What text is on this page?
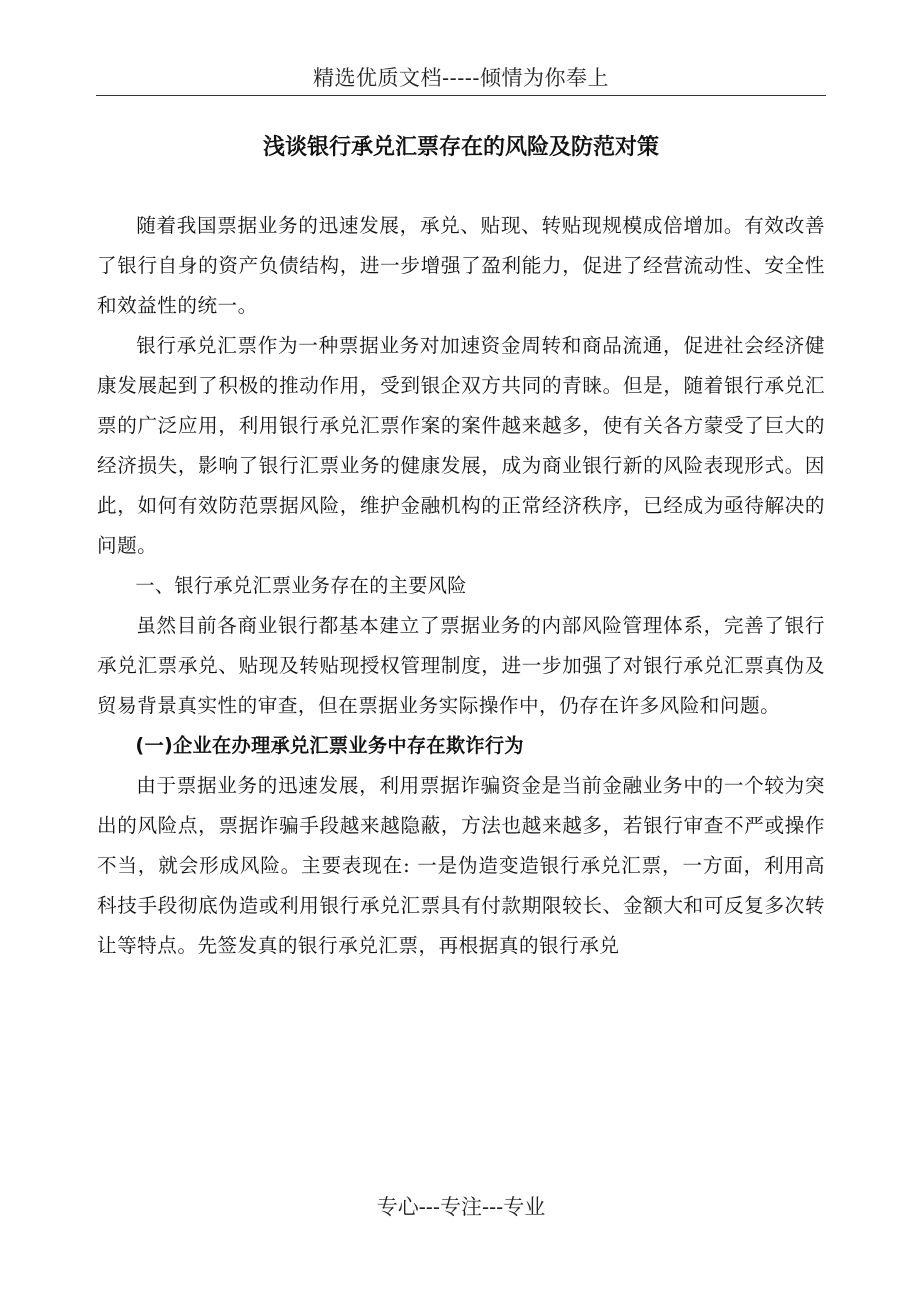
精选优质文档-----倾情为你奉上
浅谈银行承兑汇票存在的风险及防范对策

随着我国票据业务的迅速发展，承兑、贴现、转贴现规模成倍增加。有效改善了银行自身的资产负债结构，进一步增强了盈利能力，促进了经营流动性、安全性和效益性的统一。

银行承兑汇票作为一种票据业务对加速资金周转和商品流通，促进社会经济健康发展起到了积极的推动作用，受到银企双方共同的青睐。但是，随着银行承兑汇票的广泛应用，利用银行承兑汇票作案的案件越来越多，使有关各方蒙受了巨大的经济损失，影响了银行汇票业务的健康发展，成为商业银行新的风险表现形式。因此，如何有效防范票据风险，维护金融机构的正常经济秩序，已经成为亟待解决的问题。

一、银行承兑汇票业务存在的主要风险

虽然目前各商业银行都基本建立了票据业务的内部风险管理体系，完善了银行承兑汇票承兑、贴现及转贴现授权管理制度，进一步加强了对银行承兑汇票真伪及贸易背景真实性的审查，但在票据业务实际操作中，仍存在许多风险和问题。

(一)企业在办理承兑汇票业务中存在欺诈行为

由于票据业务的迅速发展，利用票据诈骗资金是当前金融业务中的一个较为突出的风险点，票据诈骗手段越来越隐蔽，方法也越来越多，若银行审查不严或操作不当，就会形成风险。主要表现在: 一是伪造变造银行承兑汇票，一方面，利用高科技手段彻底伪造或利用银行承兑汇票具有付款期限较长、金额大和可反复多次转让等特点。先签发真的银行承兑汇票，再根据真的银行承兑

专心---专注---专业
